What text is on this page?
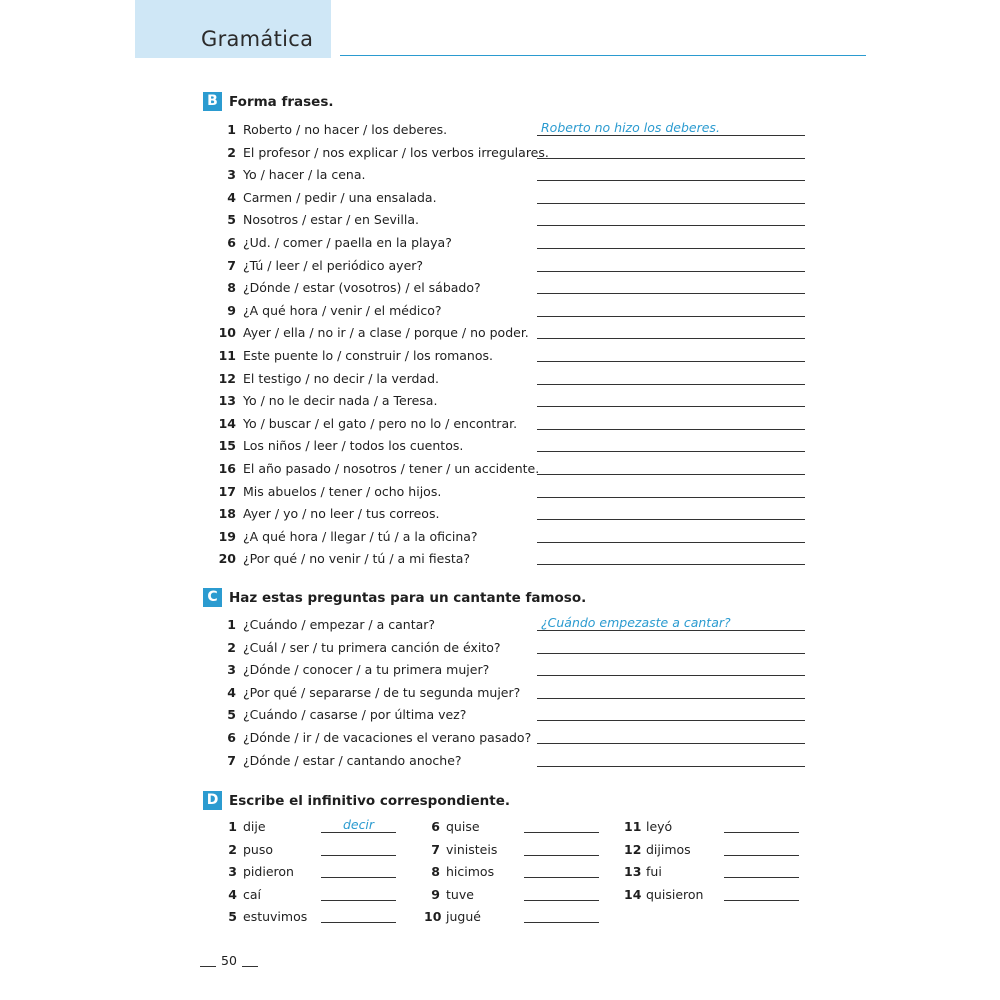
Gramática
B Forma frases.
1 Roberto / no hacer / los deberes.	Roberto no hizo los deberes.
2 El profesor / nos explicar / los verbos irregulares.
3 Yo / hacer / la cena.
4 Carmen / pedir / una ensalada.
5 Nosotros / estar / en Sevilla.
6 ¿Ud. / comer / paella en la playa?
7 ¿Tú / leer / el periódico ayer?
8 ¿Dónde / estar (vosotros) / el sábado?
9 ¿A qué hora / venir / el médico?
10 Ayer / ella / no ir / a clase / porque / no poder.
11 Este puente lo / construir / los romanos.
12 El testigo / no decir / la verdad.
13 Yo / no le decir nada / a Teresa.
14 Yo / buscar / el gato / pero no lo / encontrar.
15 Los niños / leer / todos los cuentos.
16 El año pasado / nosotros / tener / un accidente.
17 Mis abuelos / tener / ocho hijos.
18 Ayer / yo / no leer / tus correos.
19 ¿A qué hora / llegar / tú / a la oficina?
20 ¿Por qué / no venir / tú / a mi fiesta?
C Haz estas preguntas para un cantante famoso.
1 ¿Cuándo / empezar / a cantar?	¿Cuándo empezaste a cantar?
2 ¿Cuál / ser / tu primera canción de éxito?
3 ¿Dónde / conocer / a tu primera mujer?
4 ¿Por qué / separarse / de tu segunda mujer?
5 ¿Cuándo / casarse / por última vez?
6 ¿Dónde / ir / de vacaciones el verano pasado?
7 ¿Dónde / estar / cantando anoche?
D Escribe el infinitivo correspondiente.
1 dije	decir
2 puso
3 pidieron
4 caí
5 estuvimos
6 quise
7 vinisteis
8 hicimos
9 tuve
10 jugué
11 leyó
12 dijimos
13 fui
14 quisieron
50
